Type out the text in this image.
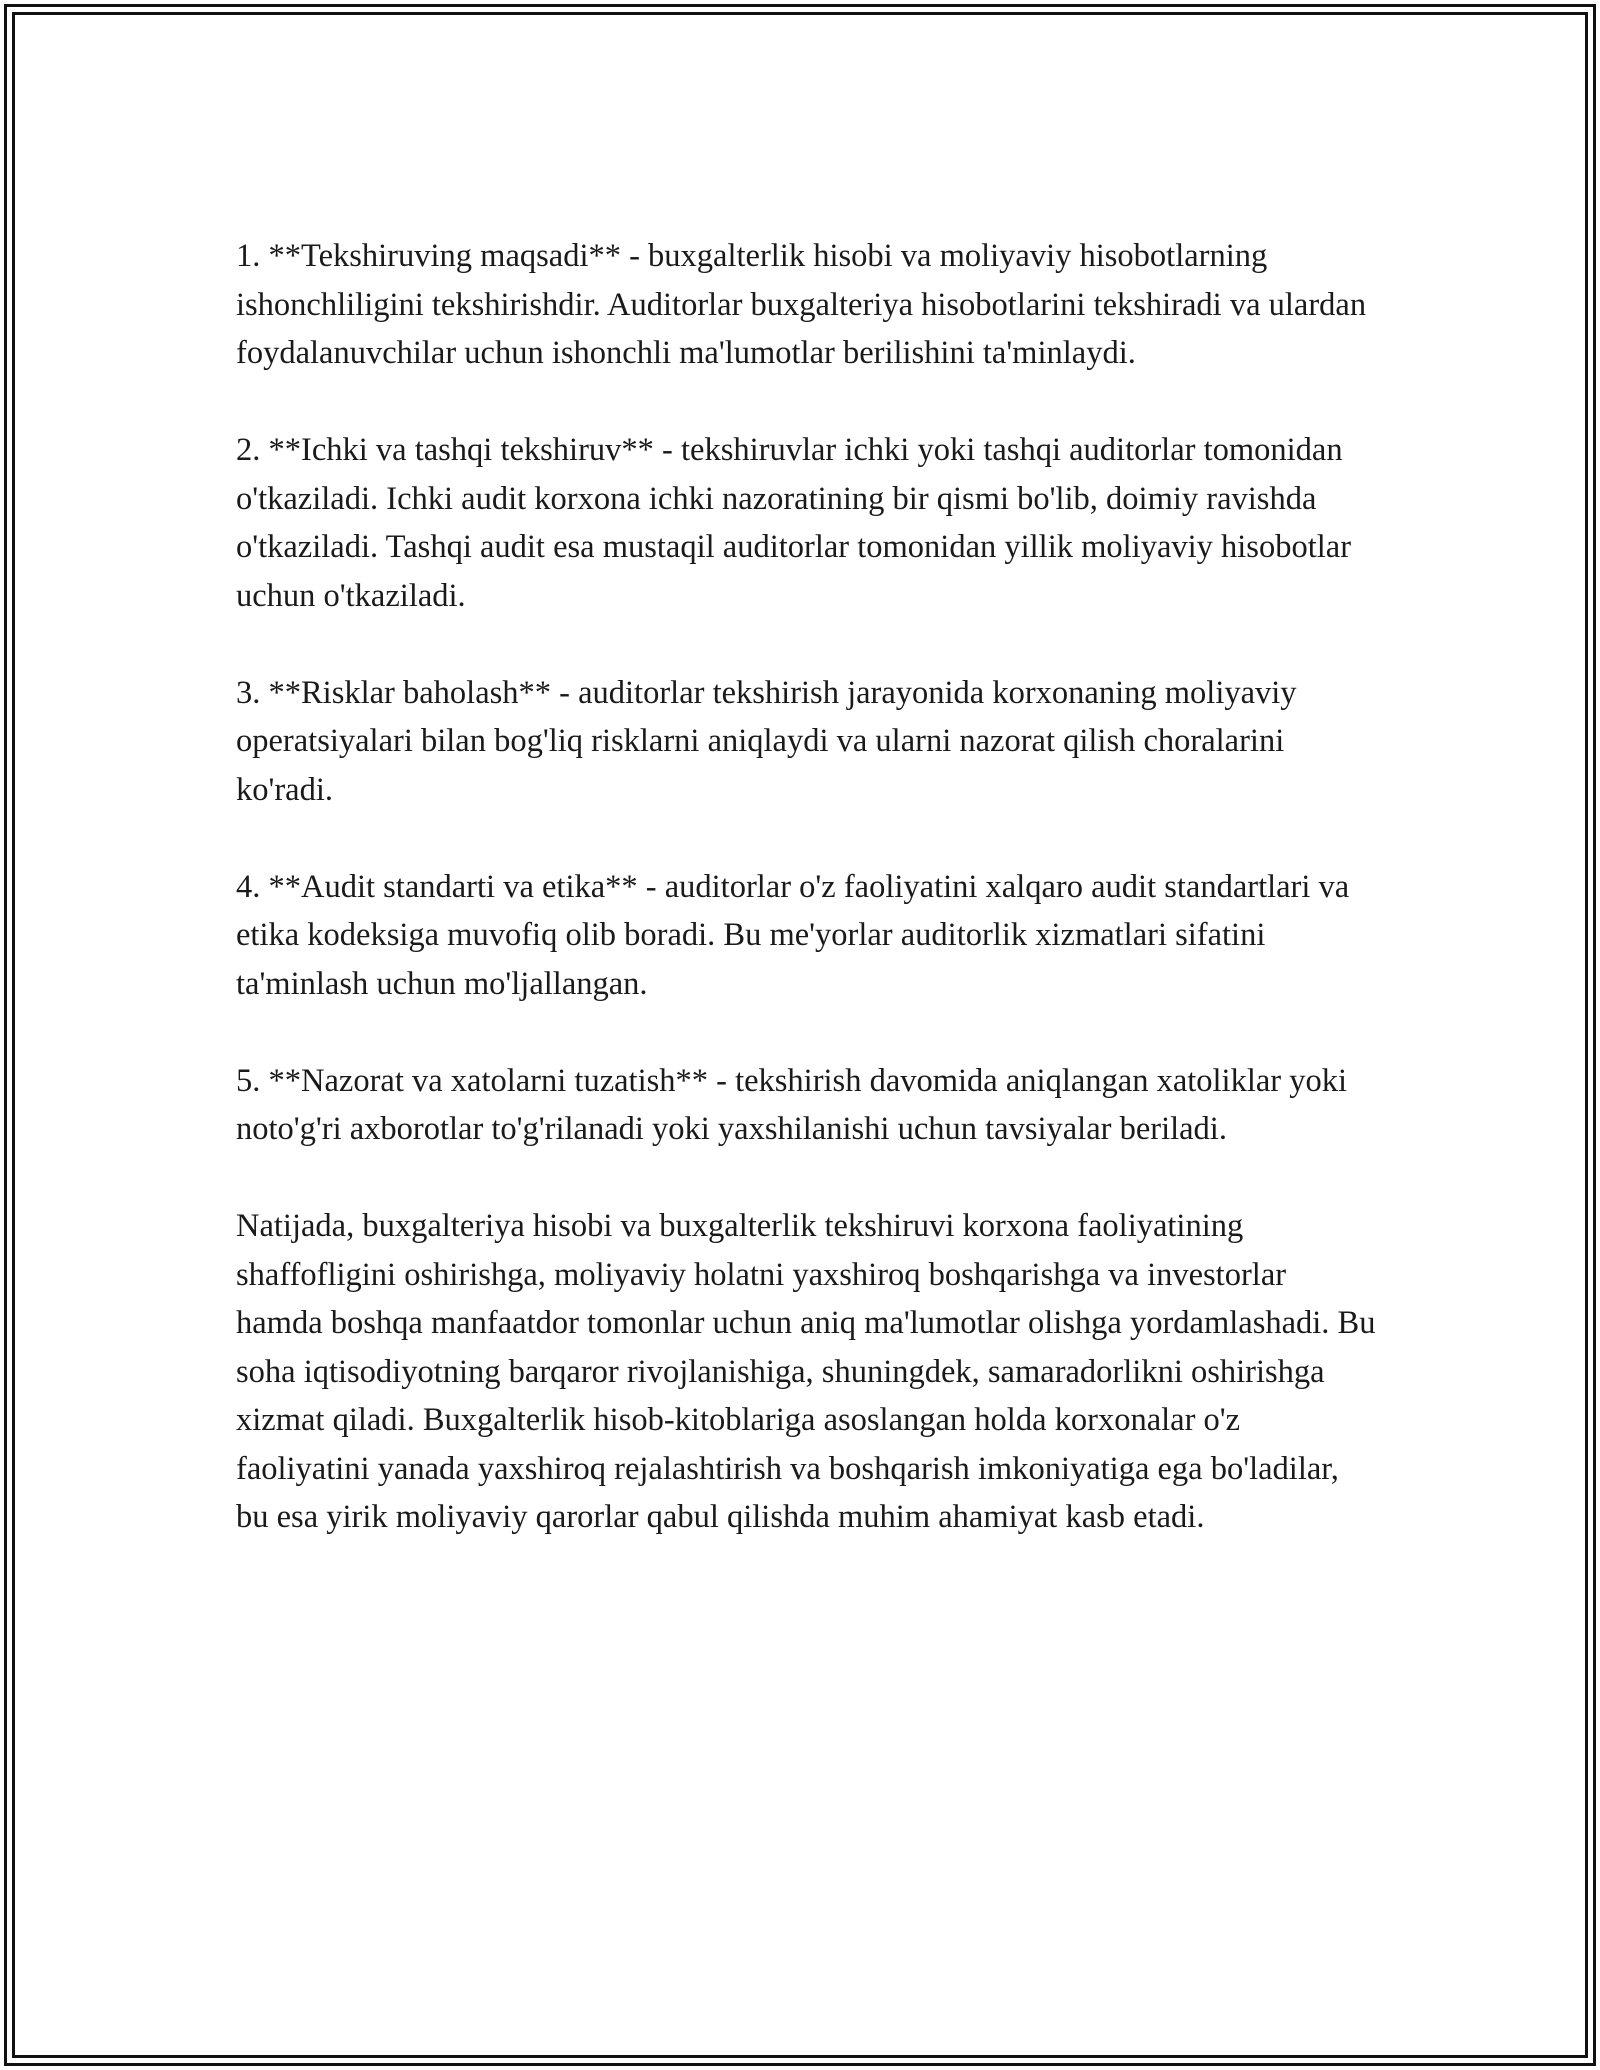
1. **Tekshiruving maqsadi** - buxgalterlik hisobi va moliyaviy hisobotlarning ishonchliligini tekshirishdir. Auditorlar buxgalteriya hisobotlarini tekshiradi va ulardan foydalanuvchilar uchun ishonchli ma'lumotlar berilishini ta'minlaydi.

2. **Ichki va tashqi tekshiruv** - tekshiruvlar ichki yoki tashqi auditorlar tomonidan o'tkaziladi. Ichki audit korxona ichki nazoratining bir qismi bo'lib, doimiy ravishda o'tkaziladi. Tashqi audit esa mustaqil auditorlar tomonidan yillik moliyaviy hisobotlar uchun o'tkaziladi.

3. **Risklar baholash** - auditorlar tekshirish jarayonida korxonaning moliyaviy operatsiyalari bilan bog'liq risklarni aniqlaydi va ularni nazorat qilish choralarini ko'radi.

4. **Audit standarti va etika** - auditorlar o'z faoliyatini xalqaro audit standartlari va etika kodeksiga muvofiq olib boradi. Bu me'yorlar auditorlik xizmatlari sifatini ta'minlash uchun mo'ljallangan.

5. **Nazorat va xatolarni tuzatish** - tekshirish davomida aniqlangan xatoliklar yoki noto'g'ri axborotlar to'g'rilanadi yoki yaxshilanishi uchun tavsiyalar beriladi.

Natijada, buxgalteriya hisobi va buxgalterlik tekshiruvi korxona faoliyatining shaffofligini oshirishga, moliyaviy holatni yaxshiroq boshqarishga va investorlar hamda boshqa manfaatdor tomonlar uchun aniq ma'lumotlar olishga yordamlashadi. Bu soha iqtisodiyotning barqaror rivojlanishiga, shuningdek, samaradorlikni oshirishga xizmat qiladi. Buxgalterlik hisob-kitoblariga asoslangan holda korxonalar o'z faoliyatini yanada yaxshiroq rejalashtirish va boshqarish imkoniyatiga ega bo'ladilar, bu esa yirik moliyaviy qarorlar qabul qilishda muhim ahamiyat kasb etadi.
